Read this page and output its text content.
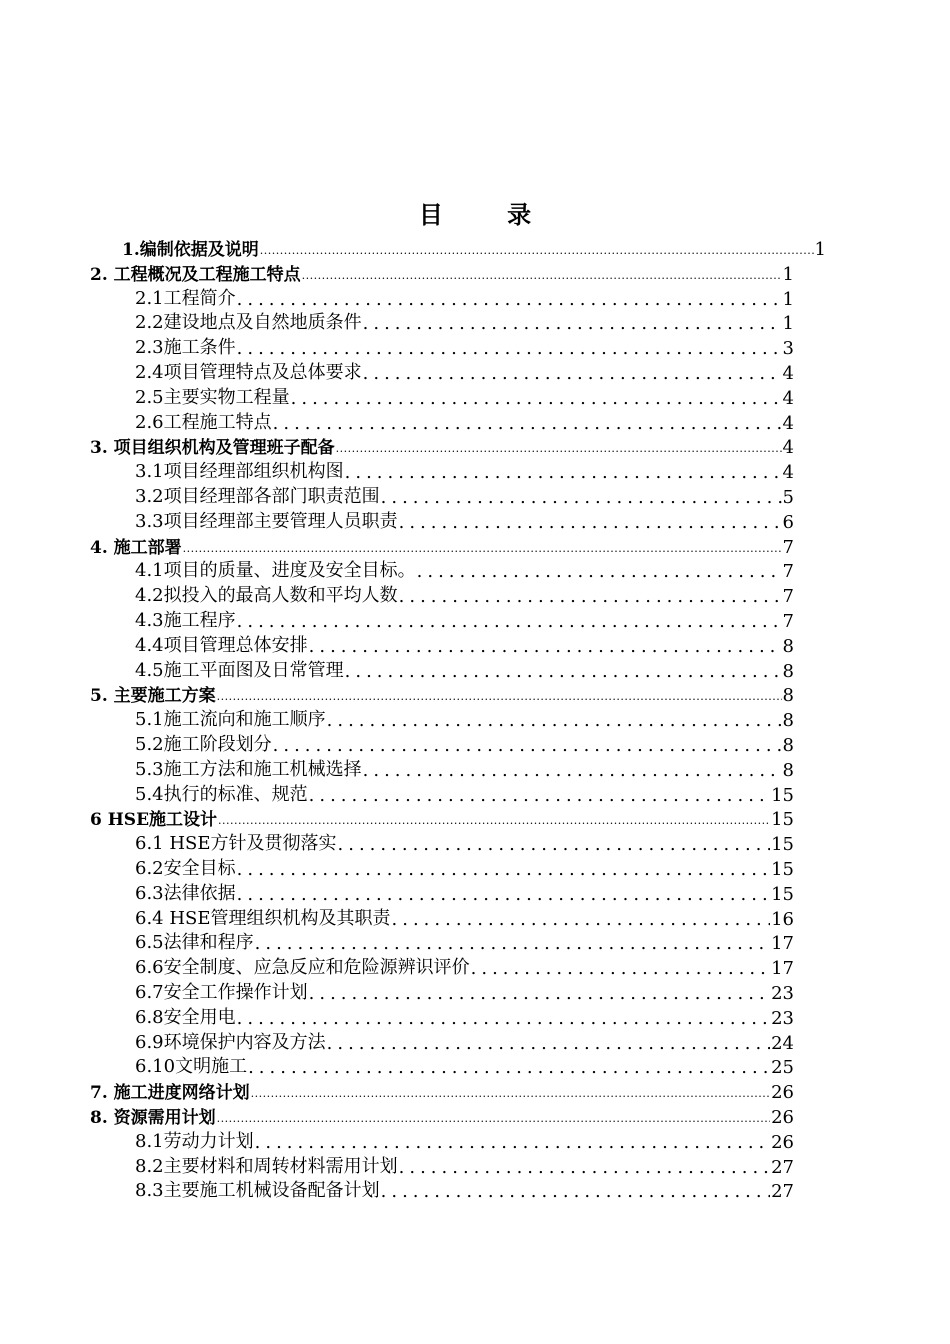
目 录
1.编制依据及说明 .....	1
2. 工程概况及工程施工特点 .....	1
2.1工程简介 .....	1
2.2建设地点及自然地质条件 .....	1
2.3施工条件 .....	3
2.4项目管理特点及总体要求 .....	4
2.5主要实物工程量 .....	4
2.6工程施工特点 .....	4
3. 项目组织机构及管理班子配备 .....	4
3.1项目经理部组织机构图 .....	4
3.2项目经理部各部门职责范围 .....	5
3.3项目经理部主要管理人员职责 .....	6
4. 施工部署 .....	7
4.1项目的质量、进度及安全目标。 .....	7
4.2拟投入的最高人数和平均人数 .....	7
4.3施工程序 .....	7
4.4项目管理总体安排 .....	8
4.5施工平面图及日常管理 .....	8
5. 主要施工方案 .....	8
5.1施工流向和施工顺序 .....	8
5.2施工阶段划分 .....	8
5.3施工方法和施工机械选择 .....	8
5.4执行的标准、规范 .....	15
6 HSE施工设计 .....	15
6.1 HSE方针及贯彻落实 .....	15
6.2安全目标 .....	15
6.3法律依据 .....	15
6.4 HSE管理组织机构及其职责 .....	16
6.5法律和程序 .....	17
6.6安全制度、应急反应和危险源辨识评价 .....	17
6.7安全工作操作计划 .....	23
6.8安全用电 .....	23
6.9环境保护内容及方法 .....	24
6.10文明施工 .....	25
7. 施工进度网络计划 .....	26
8. 资源需用计划 .....	26
8.1劳动力计划 .....	26
8.2主要材料和周转材料需用计划 .....	27
8.3主要施工机械设备配备计划 .....	27
